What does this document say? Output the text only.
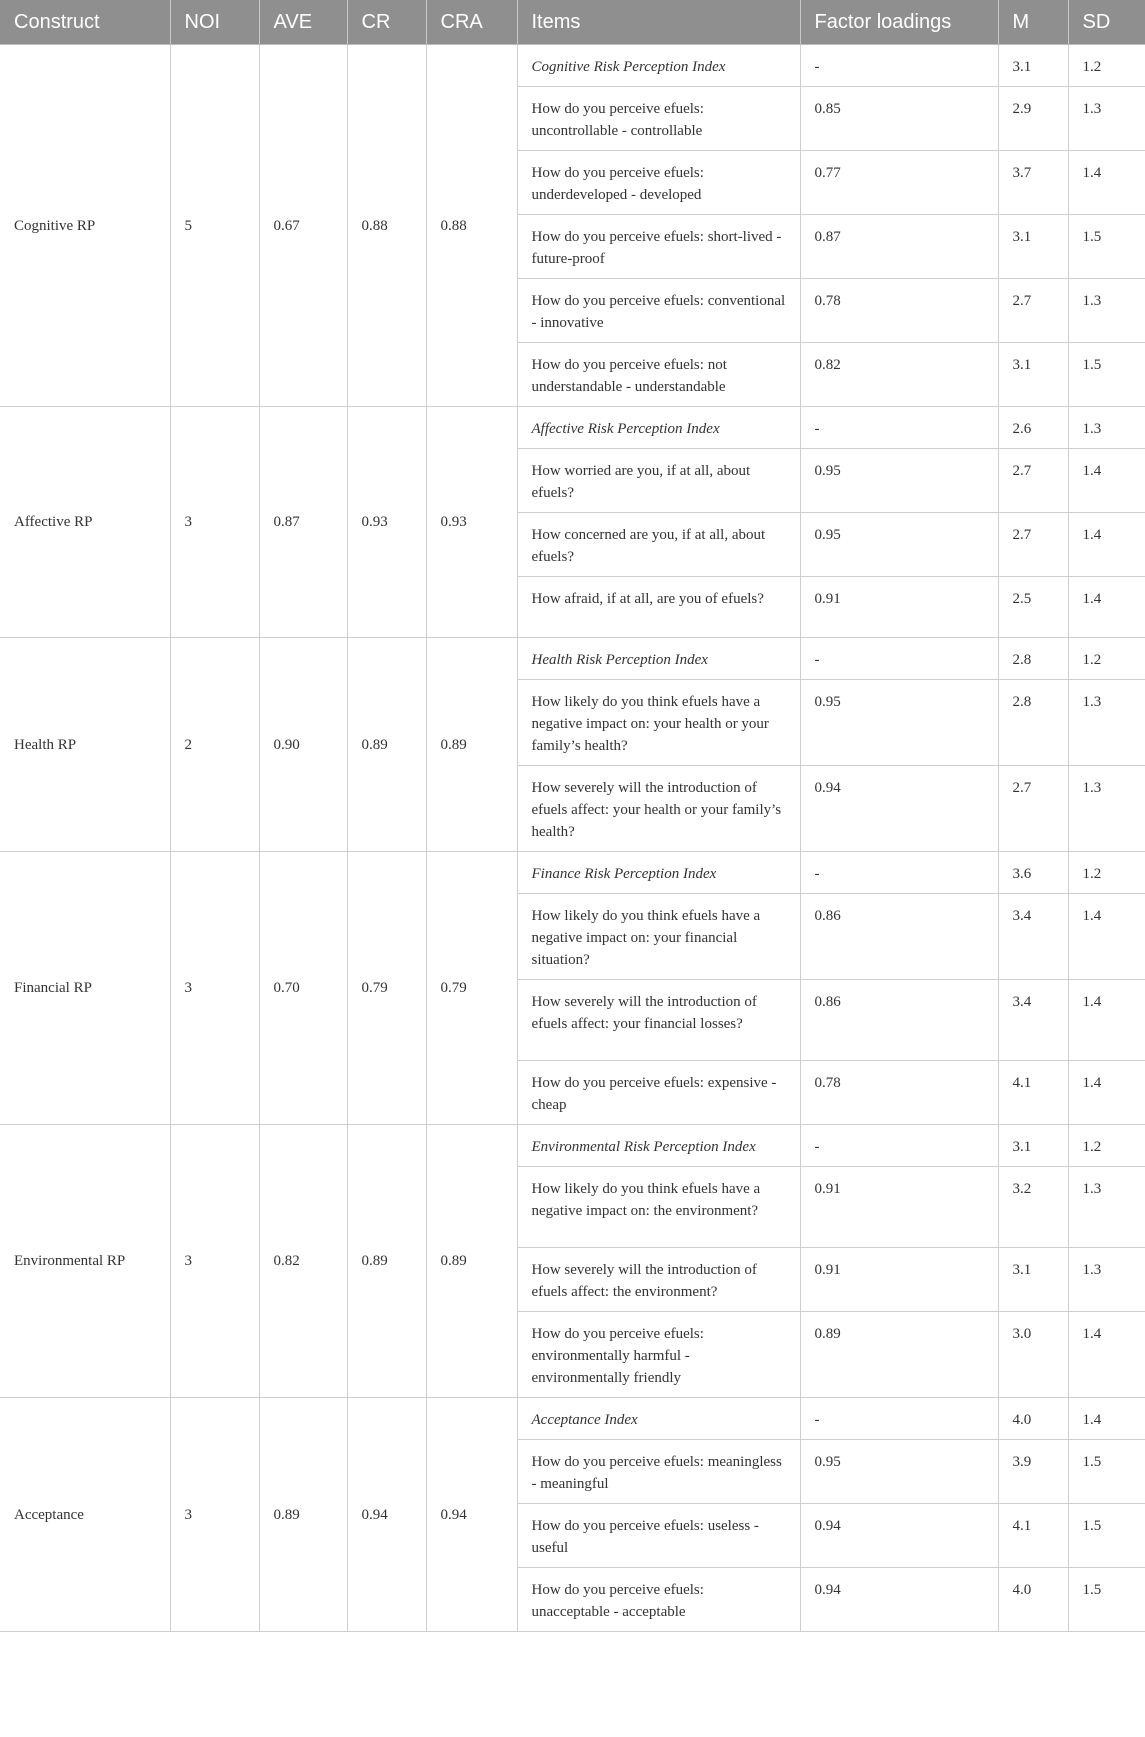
Construct	NOI	AVE	CR	CRA	Items	Factor loadings	M	SD
Cognitive RP	5	0.67	0.88	0.88	Cognitive Risk Perception Index	-	3.1	1.2
					How do you perceive efuels: uncontrollable - controllable	0.85	2.9	1.3
					How do you perceive efuels: underdeveloped - developed	0.77	3.7	1.4
					How do you perceive efuels: short-lived - future-proof	0.87	3.1	1.5
					How do you perceive efuels: conventional - innovative	0.78	2.7	1.3
					How do you perceive efuels: not understandable - understandable	0.82	3.1	1.5
Affective RP	3	0.87	0.93	0.93	Affective Risk Perception Index	-	2.6	1.3
					How worried are you, if at all, about efuels?	0.95	2.7	1.4
					How concerned are you, if at all, about efuels?	0.95	2.7	1.4
					How afraid, if at all, are you of efuels?	0.91	2.5	1.4
Health RP	2	0.90	0.89	0.89	Health Risk Perception Index	-	2.8	1.2
					How likely do you think efuels have a negative impact on: your health or your family’s health?	0.95	2.8	1.3
					How severely will the introduction of efuels affect: your health or your family’s health?	0.94	2.7	1.3
Financial RP	3	0.70	0.79	0.79	Finance Risk Perception Index	-	3.6	1.2
					How likely do you think efuels have a negative impact on: your financial situation?	0.86	3.4	1.4
					How severely will the introduction of efuels affect: your financial losses?	0.86	3.4	1.4
					How do you perceive efuels: expensive - cheap	0.78	4.1	1.4
Environmental RP	3	0.82	0.89	0.89	Environmental Risk Perception Index	-	3.1	1.2
					How likely do you think efuels have a negative impact on: the environment?	0.91	3.2	1.3
					How severely will the introduction of efuels affect: the environment?	0.91	3.1	1.3
					How do you perceive efuels: environmentally harmful - environmentally friendly	0.89	3.0	1.4
Acceptance	3	0.89	0.94	0.94	Acceptance Index	-	4.0	1.4
					How do you perceive efuels: meaningless - meaningful	0.95	3.9	1.5
					How do you perceive efuels: useless - useful	0.94	4.1	1.5
					How do you perceive efuels: unacceptable - acceptable	0.94	4.0	1.5
